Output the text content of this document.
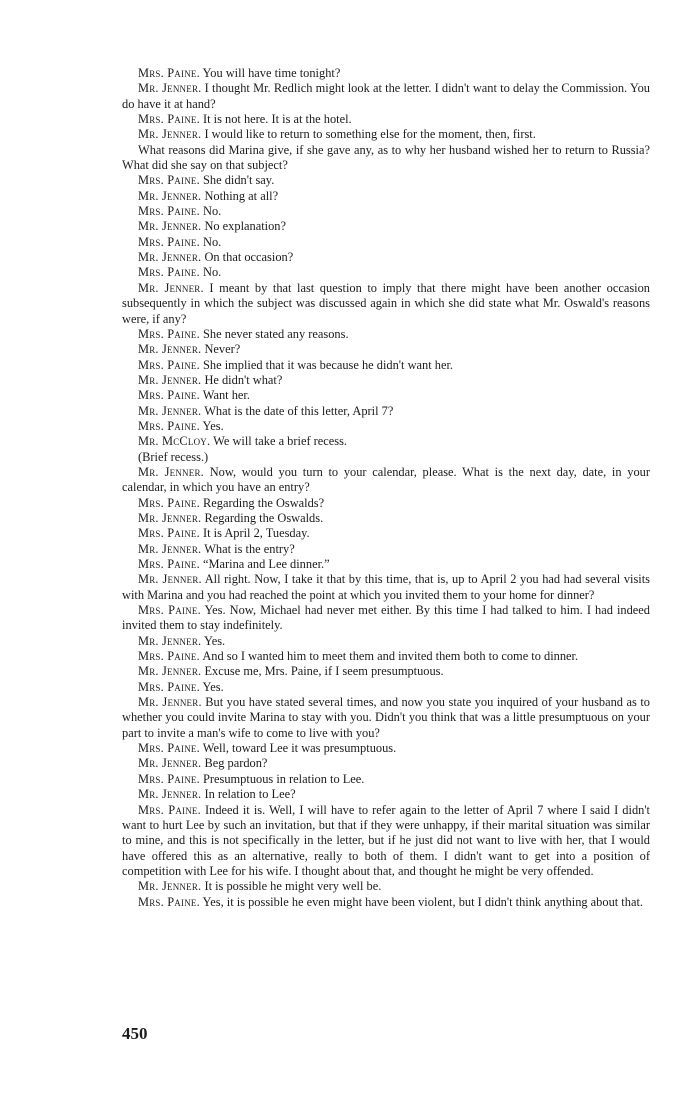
Mrs. Paine. You will have time tonight?

Mr. Jenner. I thought Mr. Redlich might look at the letter. I didn't want to delay the Commission. You do have it at hand?

Mrs. Paine. It is not here. It is at the hotel.

Mr. Jenner. I would like to return to something else for the moment, then, first.

What reasons did Marina give, if she gave any, as to why her husband wished her to return to Russia? What did she say on that subject?

Mrs. Paine. She didn't say.

Mr. Jenner. Nothing at all?

Mrs. Paine. No.

Mr. Jenner. No explanation?

Mrs. Paine. No.

Mr. Jenner. On that occasion?

Mrs. Paine. No.

Mr. Jenner. I meant by that last question to imply that there might have been another occasion subsequently in which the subject was discussed again in which she did state what Mr. Oswald's reasons were, if any?

Mrs. Paine. She never stated any reasons.

Mr. Jenner. Never?

Mrs. Paine. She implied that it was because he didn't want her.

Mr. Jenner. He didn't what?

Mrs. Paine. Want her.

Mr. Jenner. What is the date of this letter, April 7?

Mrs. Paine. Yes.

Mr. McCloy. We will take a brief recess.

(Brief recess.)

Mr. Jenner. Now, would you turn to your calendar, please. What is the next day, date, in your calendar, in which you have an entry?

Mrs. Paine. Regarding the Oswalds?

Mr. Jenner. Regarding the Oswalds.

Mrs. Paine. It is April 2, Tuesday.

Mr. Jenner. What is the entry?

Mrs. Paine. “Marina and Lee dinner.”

Mr. Jenner. All right. Now, I take it that by this time, that is, up to April 2 you had had several visits with Marina and you had reached the point at which you invited them to your home for dinner?

Mrs. Paine. Yes. Now, Michael had never met either. By this time I had talked to him. I had indeed invited them to stay indefinitely.

Mr. Jenner. Yes.

Mrs. Paine. And so I wanted him to meet them and invited them both to come to dinner.

Mr. Jenner. Excuse me, Mrs. Paine, if I seem presumptuous.

Mrs. Paine. Yes.

Mr. Jenner. But you have stated several times, and now you state you inquired of your husband as to whether you could invite Marina to stay with you. Didn't you think that was a little presumptuous on your part to invite a man's wife to come to live with you?

Mrs. Paine. Well, toward Lee it was presumptuous.

Mr. Jenner. Beg pardon?

Mrs. Paine. Presumptuous in relation to Lee.

Mr. Jenner. In relation to Lee?

Mrs. Paine. Indeed it is. Well, I will have to refer again to the letter of April 7 where I said I didn't want to hurt Lee by such an invitation, but that if they were unhappy, if their marital situation was similar to mine, and this is not specifically in the letter, but if he just did not want to live with her, that I would have offered this as an alternative, really to both of them. I didn't want to get into a position of competition with Lee for his wife. I thought about that, and thought he might be very offended.

Mr. Jenner. It is possible he might very well be.

Mrs. Paine. Yes, it is possible he even might have been violent, but I didn't think anything about that.

450
